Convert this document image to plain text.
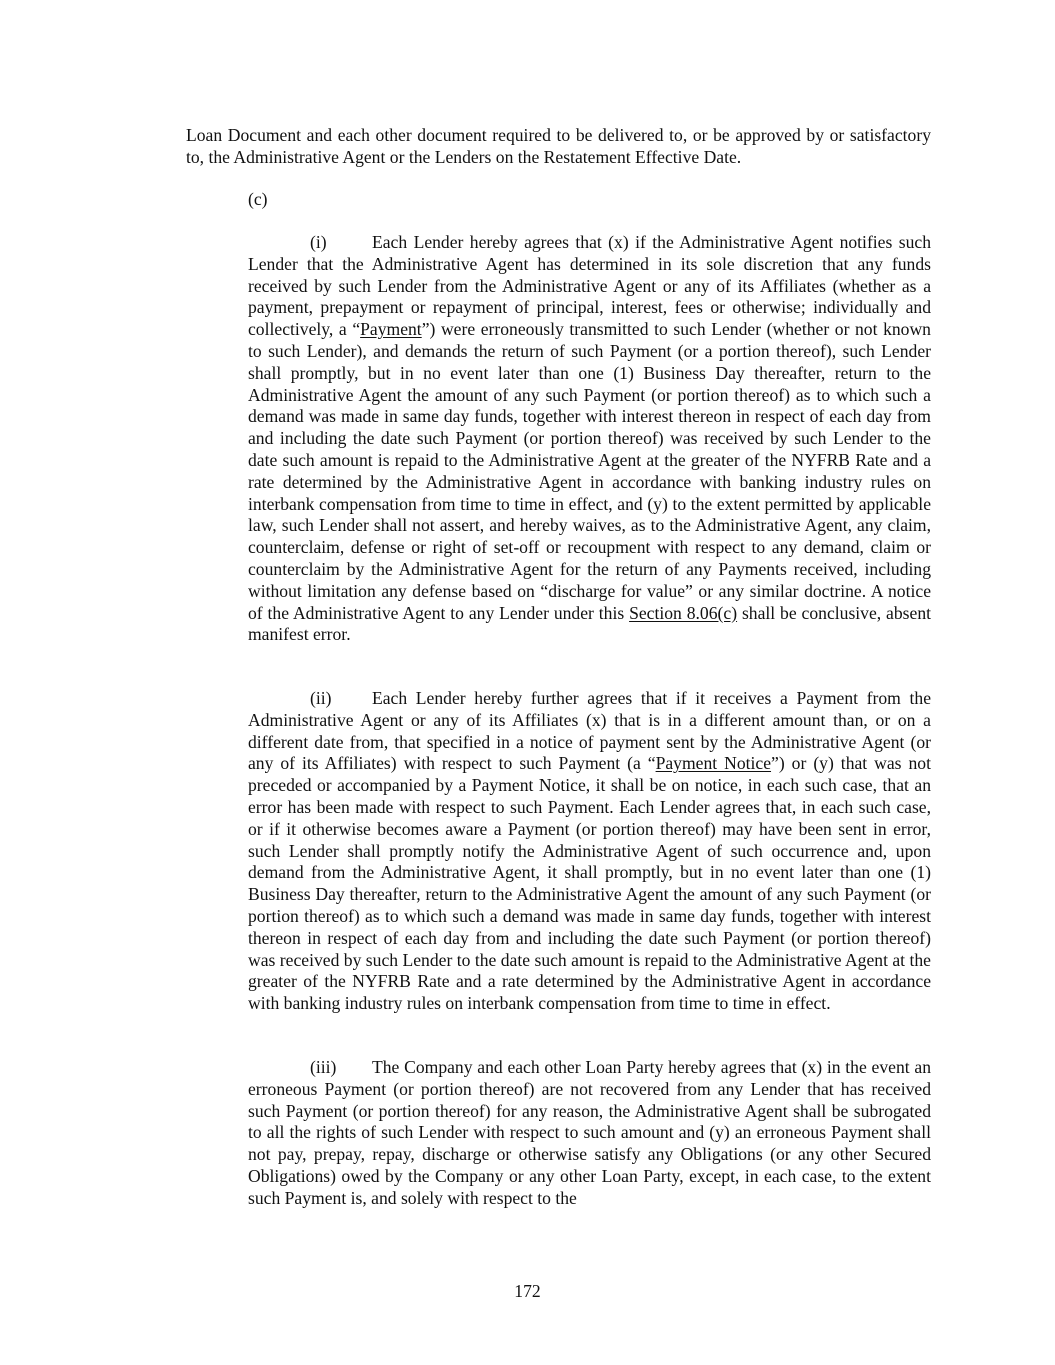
Loan Document and each other document required to be delivered to, or be approved by or satisfactory to, the Administrative Agent or the Lenders on the Restatement Effective Date.

(c)

(i)	Each Lender hereby agrees that (x) if the Administrative Agent notifies such Lender that the Administrative Agent has determined in its sole discretion that any funds received by such Lender from the Administrative Agent or any of its Affiliates (whether as a payment, prepayment or repayment of principal, interest, fees or otherwise; individually and collectively, a “Payment”) were erroneously transmitted to such Lender (whether or not known to such Lender), and demands the return of such Payment (or a portion thereof), such Lender shall promptly, but in no event later than one (1) Business Day thereafter, return to the Administrative Agent the amount of any such Payment (or portion thereof) as to which such a demand was made in same day funds, together with interest thereon in respect of each day from and including the date such Payment (or portion thereof) was received by such Lender to the date such amount is repaid to the Administrative Agent at the greater of the NYFRB Rate and a rate determined by the Administrative Agent in accordance with banking industry rules on interbank compensation from time to time in effect, and (y) to the extent permitted by applicable law, such Lender shall not assert, and hereby waives, as to the Administrative Agent, any claim, counterclaim, defense or right of set-off or recoupment with respect to any demand, claim or counterclaim by the Administrative Agent for the return of any Payments received, including without limitation any defense based on “discharge for value” or any similar doctrine. A notice of the Administrative Agent to any Lender under this Section 8.06(c) shall be conclusive, absent manifest error.

(ii) Each Lender hereby further agrees that if it receives a Payment from the Administrative Agent or any of its Affiliates (x) that is in a different amount than, or on a different date from, that specified in a notice of payment sent by the Administrative Agent (or any of its Affiliates) with respect to such Payment (a “Payment Notice”) or (y) that was not preceded or accompanied by a Payment Notice, it shall be on notice, in each such case, that an error has been made with respect to such Payment. Each Lender agrees that, in each such case, or if it otherwise becomes aware a Payment (or portion thereof) may have been sent in error, such Lender shall promptly notify the Administrative Agent of such occurrence and, upon demand from the Administrative Agent, it shall promptly, but in no event later than one (1) Business Day thereafter, return to the Administrative Agent the amount of any such Payment (or portion thereof) as to which such a demand was made in same day funds, together with interest thereon in respect of each day from and including the date such Payment (or portion thereof) was received by such Lender to the date such amount is repaid to the Administrative Agent at the greater of the NYFRB Rate and a rate determined by the Administrative Agent in accordance with banking industry rules on interbank compensation from time to time in effect.

(iii) The Company and each other Loan Party hereby agrees that (x) in the event an erroneous Payment (or portion thereof) are not recovered from any Lender that has received such Payment (or portion thereof) for any reason, the Administrative Agent shall be subrogated to all the rights of such Lender with respect to such amount and (y) an erroneous Payment shall not pay, prepay, repay, discharge or otherwise satisfy any Obligations (or any other Secured Obligations) owed by the Company or any other Loan Party, except, in each case, to the extent such Payment is, and solely with respect to the

172
